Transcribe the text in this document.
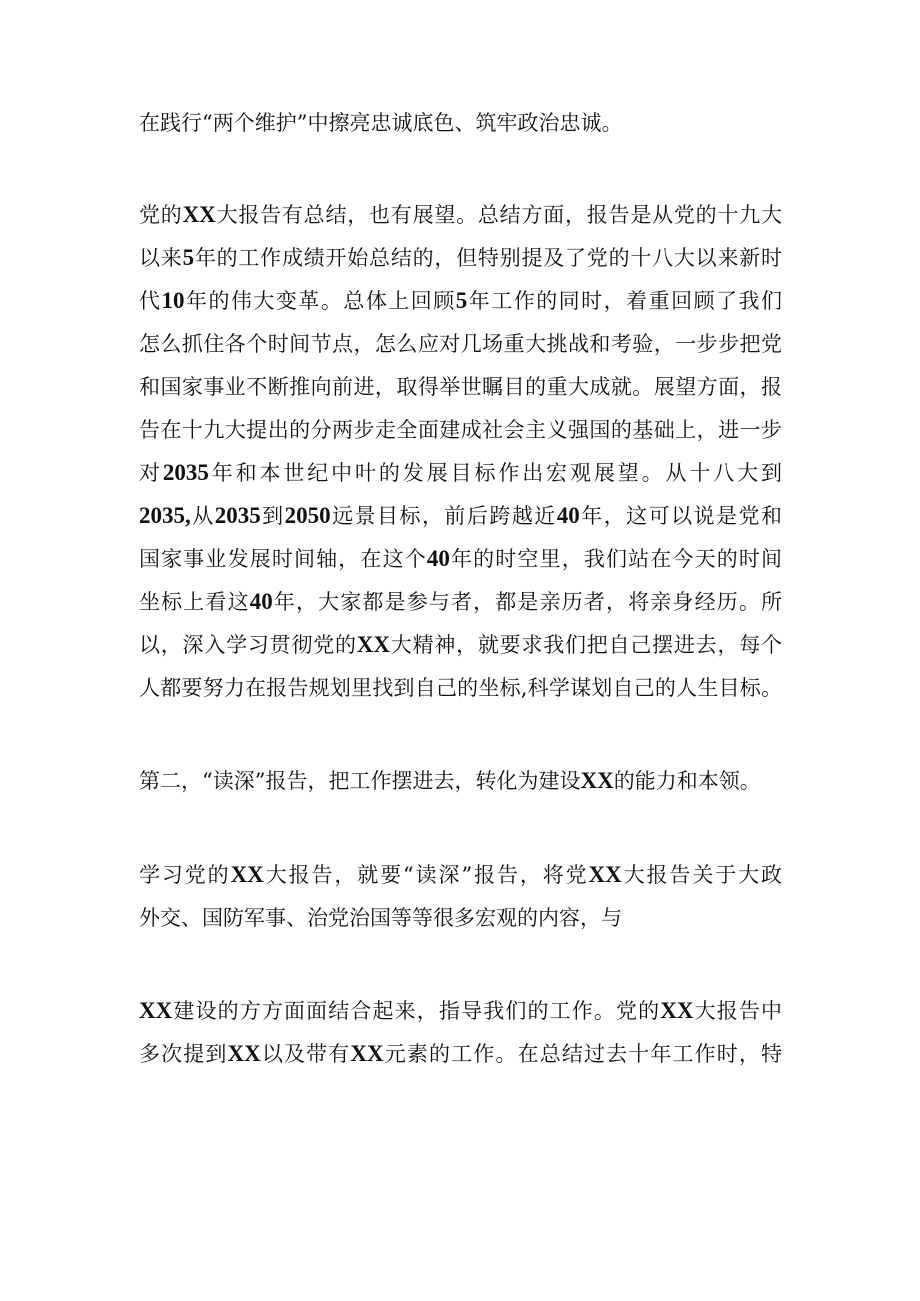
在践行“两个维护”中擦亮忠诚底色、筑牢政治忠诚。
党的XX大报告有总结，也有展望。总结方面，报告是从党的十九大
以来5年的工作成绩开始总结的，但特别提及了党的十八大以来新时
代10年的伟大变革。总体上回顾5年工作的同时，着重回顾了我们
怎么抓住各个时间节点，怎么应对几场重大挑战和考验，一步步把党
和国家事业不断推向前进，取得举世瞩目的重大成就。展望方面，报
告在十九大提出的分两步走全面建成社会主义强国的基础上，进一步
对2035年和本世纪中叶的发展目标作出宏观展望。从十八大到
2035,从2035到2050远景目标，前后跨越近40年，这可以说是党和
国家事业发展时间轴，在这个40年的时空里，我们站在今天的时间
坐标上看这40年，大家都是参与者，都是亲历者，将亲身经历。所
以，深入学习贯彻党的XX大精神，就要求我们把自己摆进去，每个
人都要努力在报告规划里找到自己的坐标,科学谋划自己的人生目标。
第二，“读深”报告，把工作摆进去，转化为建设XX的能力和本领。
学习党的XX大报告，就要“读深”报告，将党XX大报告关于大政
外交、国防军事、治党治国等等很多宏观的内容，与
XX建设的方方面面结合起来，指导我们的工作。党的XX大报告中
多次提到XX以及带有XX元素的工作。在总结过去十年工作时，特
